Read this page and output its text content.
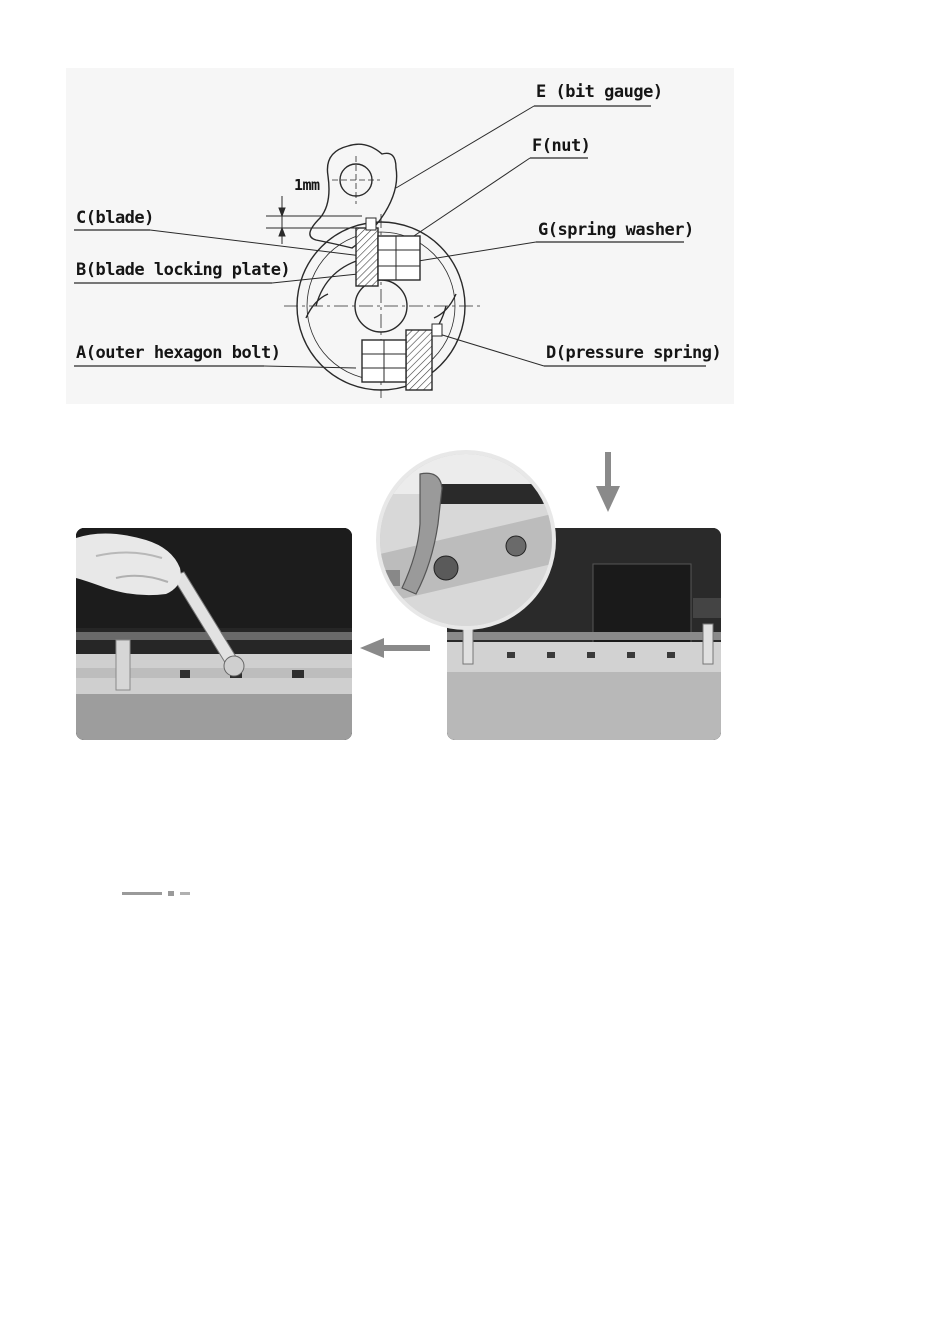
E (bit gauge)
F(nut)
1mm
C(blade)
G(spring washer)
B(blade locking plate)
A(outer hexagon bolt)	D(pressure spring)
